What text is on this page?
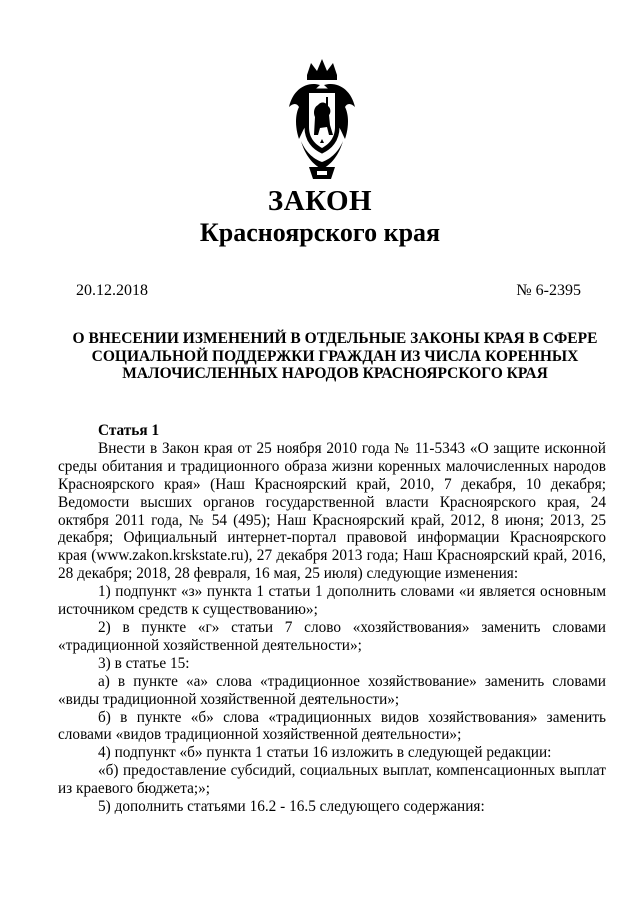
ЗАКОН
Красноярского края
20.12.2018	№ 6-2395
О ВНЕСЕНИИ ИЗМЕНЕНИЙ В ОТДЕЛЬНЫЕ ЗАКОНЫ КРАЯ В СФЕРЕ СОЦИАЛЬНОЙ ПОДДЕРЖКИ ГРАЖДАН ИЗ ЧИСЛА КОРЕННЫХ МАЛОЧИСЛЕННЫХ НАРОДОВ КРАСНОЯРСКОГО КРАЯ
Статья 1

Внести в Закон края от 25 ноября 2010 года № 11-5343 «О защите исконной среды обитания и традиционного образа жизни коренных малочисленных народов Красноярского края» (Наш Красноярский край, 2010, 7 декабря, 10 декабря; Ведомости высших органов государственной власти Красноярского края, 24 октября 2011 года, № 54 (495); Наш Красноярский край, 2012, 8 июня; 2013, 25 декабря; Официальный интернет-портал правовой информации Красноярского края (www.zakon.krskstate.ru), 27 декабря 2013 года; Наш Красноярский край, 2016, 28 декабря; 2018, 28 февраля, 16 мая, 25 июля) следующие изменения:

1) подпункт «з» пункта 1 статьи 1 дополнить словами «и является основным источником средств к существованию»;

2) в пункте «г» статьи 7 слово «хозяйствования» заменить словами «традиционной хозяйственной деятельности»;

3) в статье 15:

а) в пункте «а» слова «традиционное хозяйствование» заменить словами «виды традиционной хозяйственной деятельности»;

б) в пункте «б» слова «традиционных видов хозяйствования» заменить словами «видов традиционной хозяйственной деятельности»;

4) подпункт «б» пункта 1 статьи 16 изложить в следующей редакции:

«б) предоставление субсидий, социальных выплат, компенсационных выплат из краевого бюджета;»;

5) дополнить статьями 16.2 - 16.5 следующего содержания:
